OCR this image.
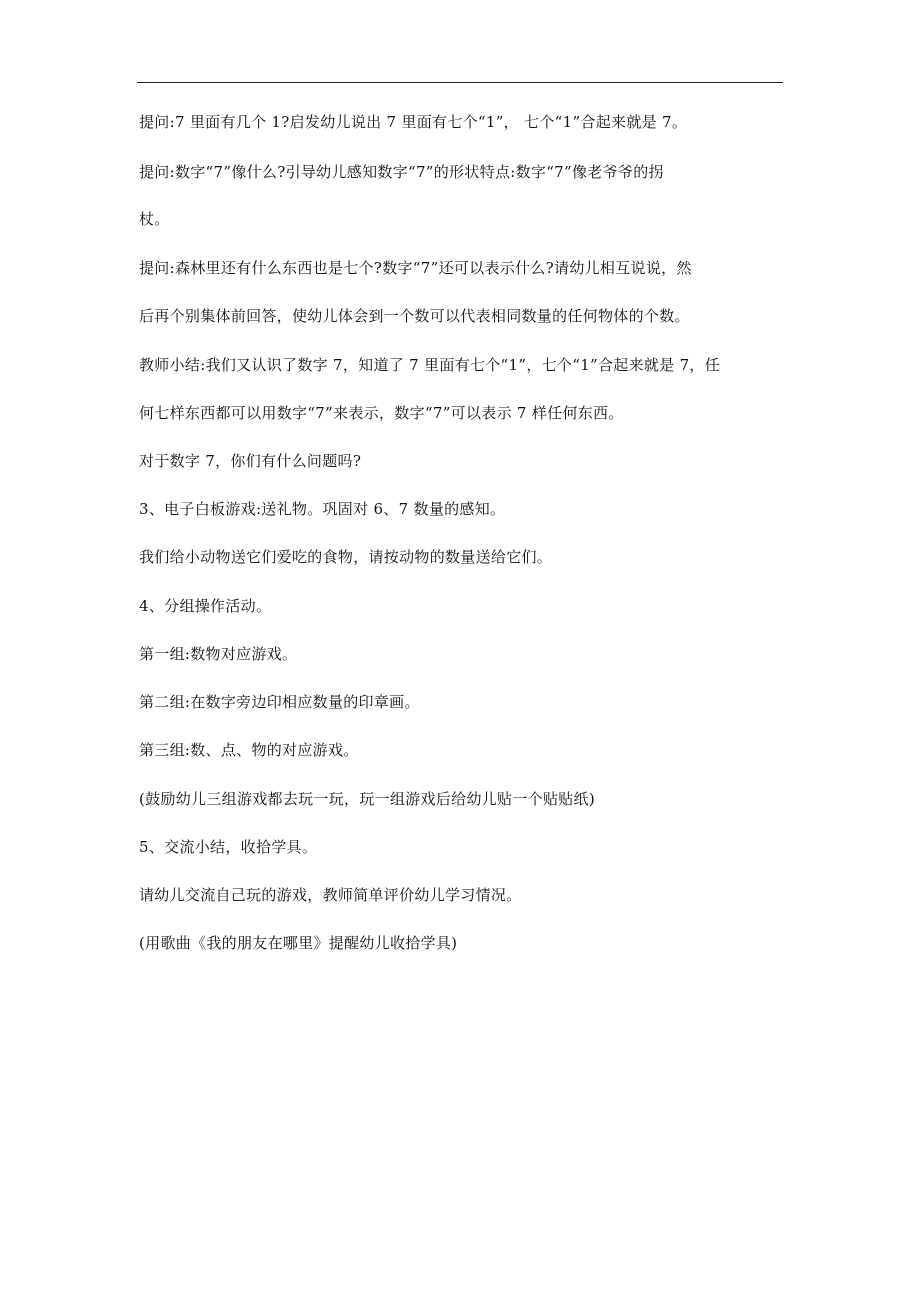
提问:7 里面有几个 1?启发幼儿说出 7 里面有七个“1”， 七个“1”合起来就是 7。
提问:数字“7”像什么?引导幼儿感知数字“7”的形状特点:数字“7”像老爷爷的拐
杖。
提问:森林里还有什么东西也是七个?数字“7”还可以表示什么?请幼儿相互说说，然
后再个别集体前回答，使幼儿体会到一个数可以代表相同数量的任何物体的个数。
教师小结:我们又认识了数字 7，知道了 7 里面有七个“1”，七个“1”合起来就是 7，任
何七样东西都可以用数字“7”来表示，数字“7”可以表示 7 样任何东西。
对于数字 7，你们有什么问题吗?
3、电子白板游戏:送礼物。巩固对 6、7 数量的感知。
我们给小动物送它们爱吃的食物，请按动物的数量送给它们。
4、分组操作活动。
第一组:数物对应游戏。
第二组:在数字旁边印相应数量的印章画。
第三组:数、点、物的对应游戏。
(鼓励幼儿三组游戏都去玩一玩，玩一组游戏后给幼儿贴一个贴贴纸)
5、交流小结，收拾学具。
请幼儿交流自己玩的游戏，教师简单评价幼儿学习情况。
(用歌曲《我的朋友在哪里》提醒幼儿收拾学具)
